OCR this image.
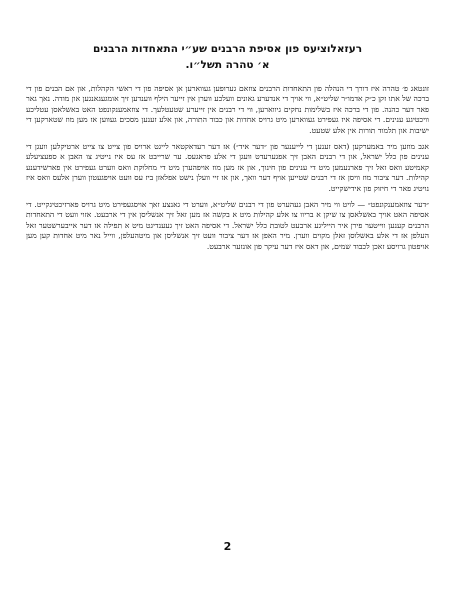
רעזאלוציעס פון אסיפת הרבנים שע״י התאחדות הרבנים
א׳ טהרה תשל״ו.

זונטאג פ׳ טהרה איז דורך די הנהלה פון התאחדות הרבנים צוזאם גערופען געווארען אן אסיפה פון די ראשי הקהלות, און אם הבנים פון די ברכה של אתו זקן כ״ק אדמו״ר שליט״א, ווי אויך די אנדערע גאונים וועלכע ווערן אין זייער הילף ווענדען זיך אומגעגאנגען און מודה. נאך גאר פאר דער כהנה. פון די ברכה איז בשלימות נחקים גיווארען, ווי די רבנים אין זייערע שטעטלעך. די צוזאמענקונפט האט באשלאסן עטליכע וויכטיגע ענינים. די אסיפה איז געפירט געווארען מיט גרויס אחדות און כבוד התורה, און אלע זענען מסכים געווען אז מען מוז שטארקען די ישיבות און תלמוד תורות אין אלע שטעט.

אגב מוזען מיר באמערקען (דאס זענען די לייענער פון ״דער איד״) אז דער רעדאקטאר לייגט ארויס פון צייט צו צייט ארטיקלען וועגן די ענינים פון כלל ישראל, און די רבנים האבן זיך אפגערעדט וועגן די אלע פראגעס. ער שרייבט אז עס איז נייטיג צו האבן א ספעציעלע קאמיטע וואס זאל זיך פארנעמען מיט די ענינים פון חינוך, און אז מען מוז אויפהערן מיט די מחלוקת וואס ווערט געפירט אין פארשידענע קהילות. דער ציבור מוז וויסן אז די רבנים שטייען אויף דער וואך, און אז זיי וועלן נישט אפלאזן ביז עס וועט אויפגעטון ווערן אלעס וואס איז נויטיג פאר די חיזוק פון אידישקייט.

״דער צוזאמענקונפט״ — לויט ווי מיר האבן געהערט פון די רבנים שליט״א, ווערט די גאנצע זאך אויסגעפירט מיט גרויס פארזיכטיגקייט. די אסיפה האט אויך באשלאסן צו שיקן א בריוו צו אלע קהילות מיט א בקשה אז מען זאל זיך אנשליסן אין די ארבעט. אזוי וועט די התאחדות הרבנים קענען ווייטער פירן איר הייליגע ארבעט לטובת כלל ישראל. די אסיפה האט זיך געענדיגט מיט א תפילה אז דער אייבערשטער זאל העלפן אז די אלע באשלוסן זאלן מקוים ווערן. מיר האפן אז דער ציבור וועט זיך אנשליסן און מיטהעלפן, ווייל נאר מיט אחדות קען מען אויפטון גרויסע זאכן לכבוד שמים, און דאס איז דער עיקר פון אונזער ארבעט.

2
